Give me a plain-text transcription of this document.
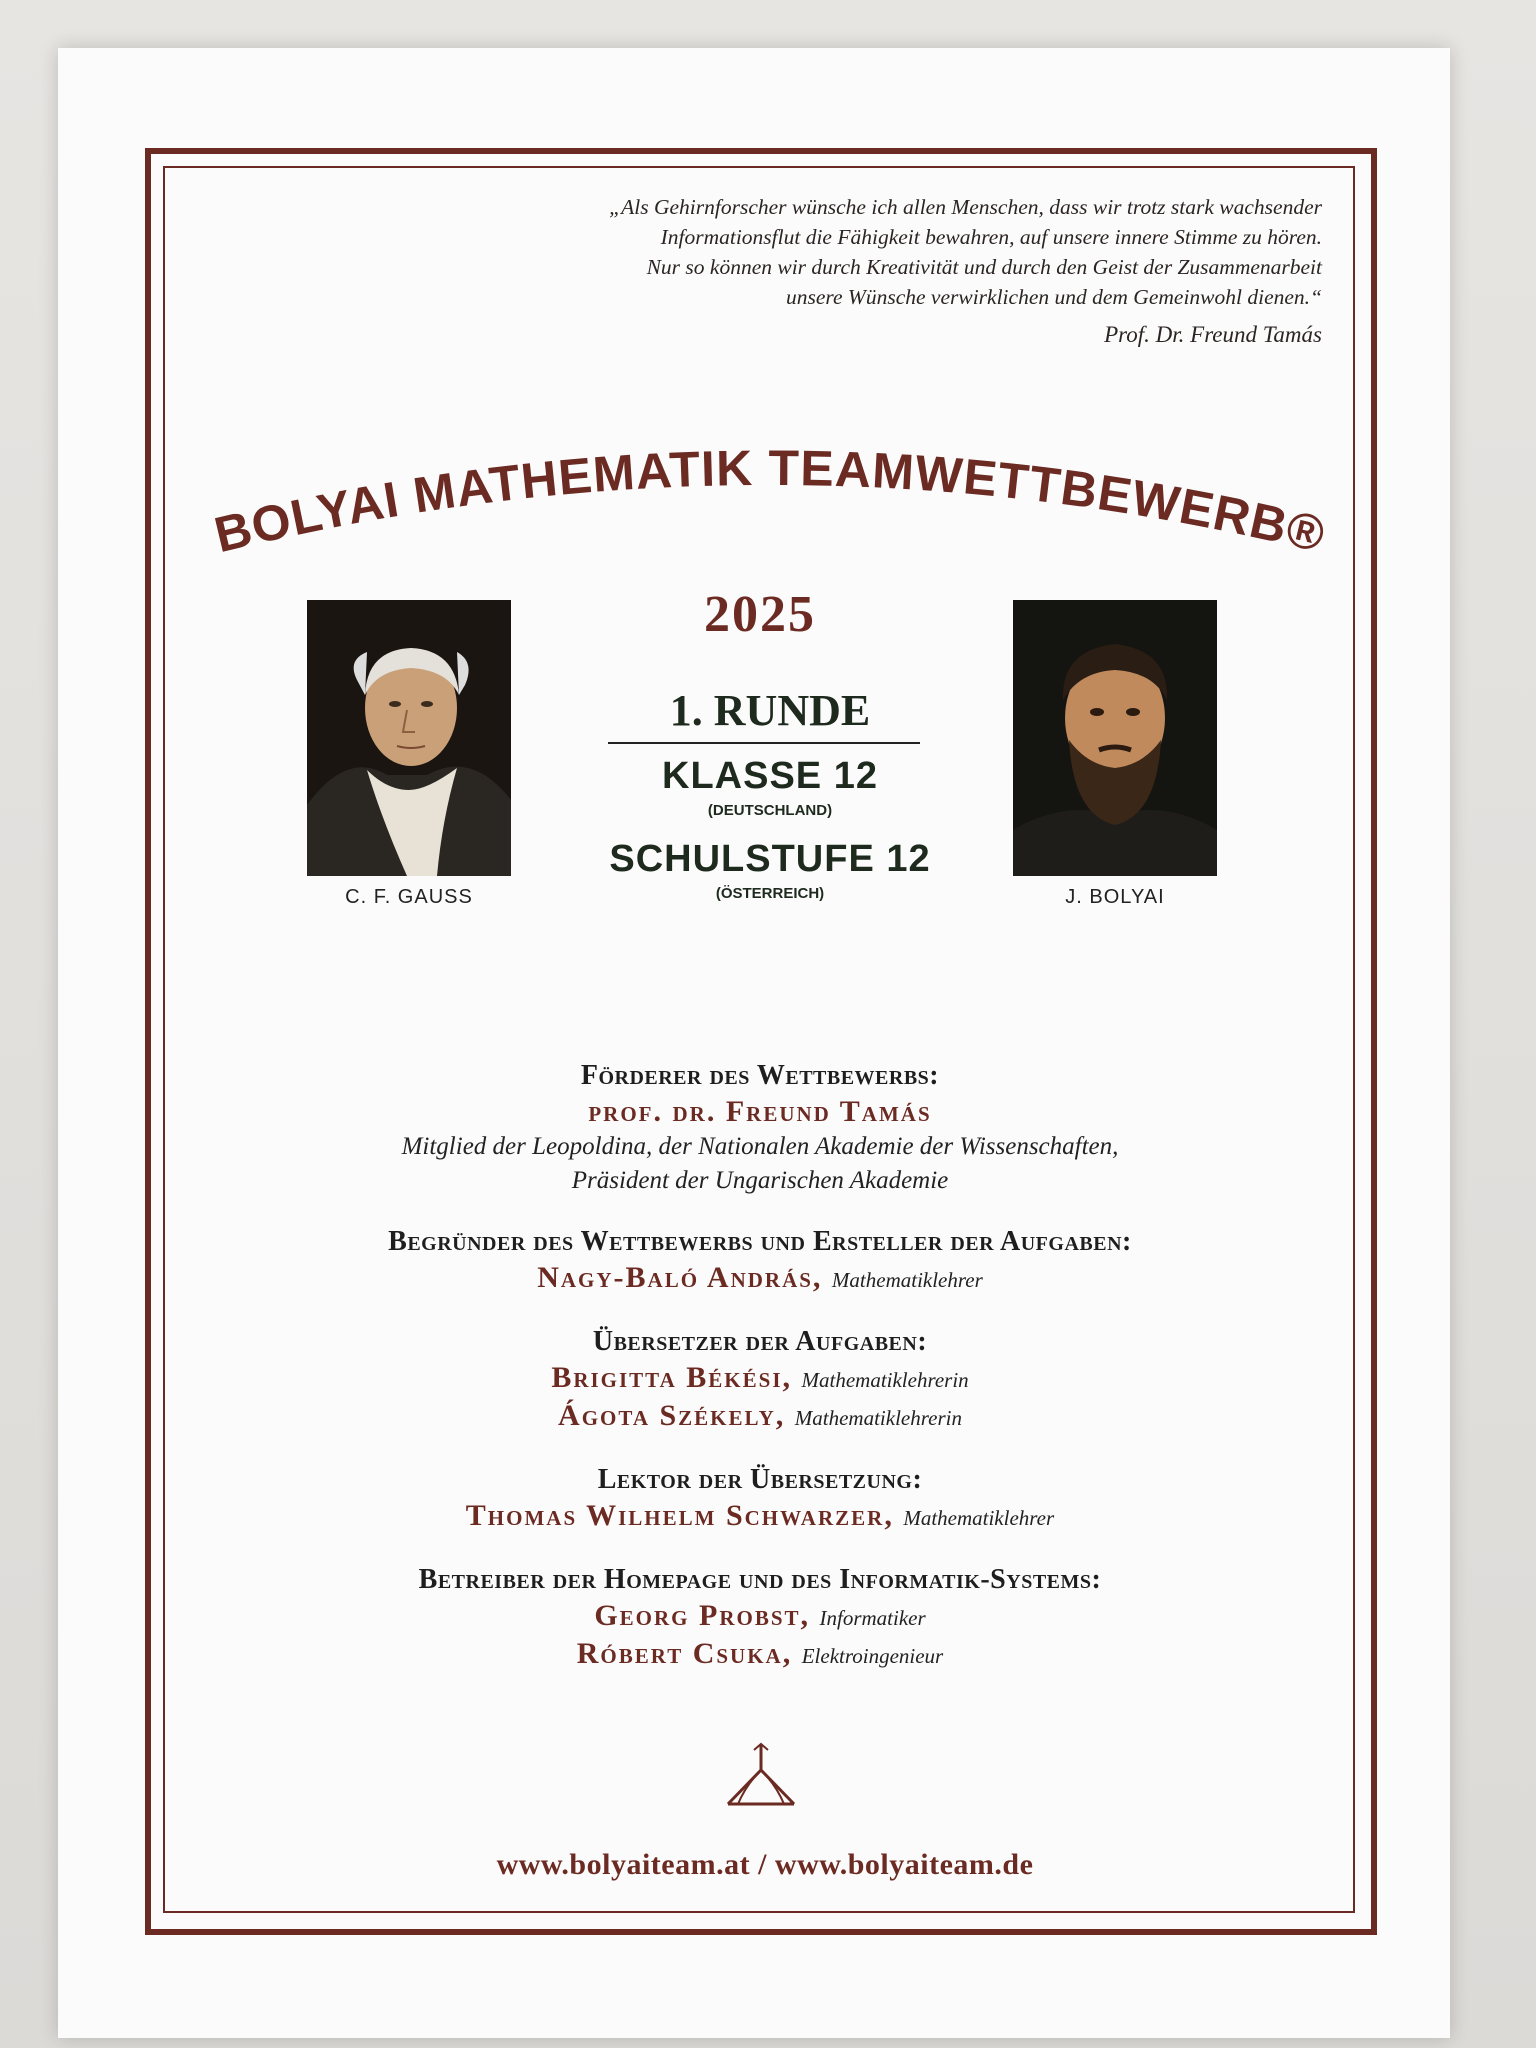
„Als Gehirnforscher wünsche ich allen Menschen, dass wir trotz stark wachsender
Informationsflut die Fähigkeit bewahren, auf unsere innere Stimme zu hören.
Nur so können wir durch Kreativität und durch den Geist der Zusammenarbeit
unsere Wünsche verwirklichen und dem Gemeinwohl dienen.“
Prof. Dr. Freund Tamás
BOLYAI MATHEMATIK TEAMWETTBEWERB®
2025
C. F. GAUSS	J. BOLYAI
1. RUNDE
KLASSE 12
(DEUTSCHLAND)
SCHULSTUFE 12
(ÖSTERREICH)
Förderer des Wettbewerbs:
prof. dr. Freund Tamás
Mitglied der Leopoldina, der Nationalen Akademie der Wissenschaften,
Präsident der Ungarischen Akademie
Begründer des Wettbewerbs und Ersteller der Aufgaben:
Nagy-Baló András, Mathematiklehrer
Übersetzer der Aufgaben:
Brigitta Békési, Mathematiklehrerin
Ágota Székely, Mathematiklehrerin
Lektor der Übersetzung:
Thomas Wilhelm Schwarzer, Mathematiklehrer
Betreiber der Homepage und des Informatik-Systems:
Georg Probst, Informatiker
Róbert Csuka, Elektroingenieur
www.bolyaiteam.at / www.bolyaiteam.de
